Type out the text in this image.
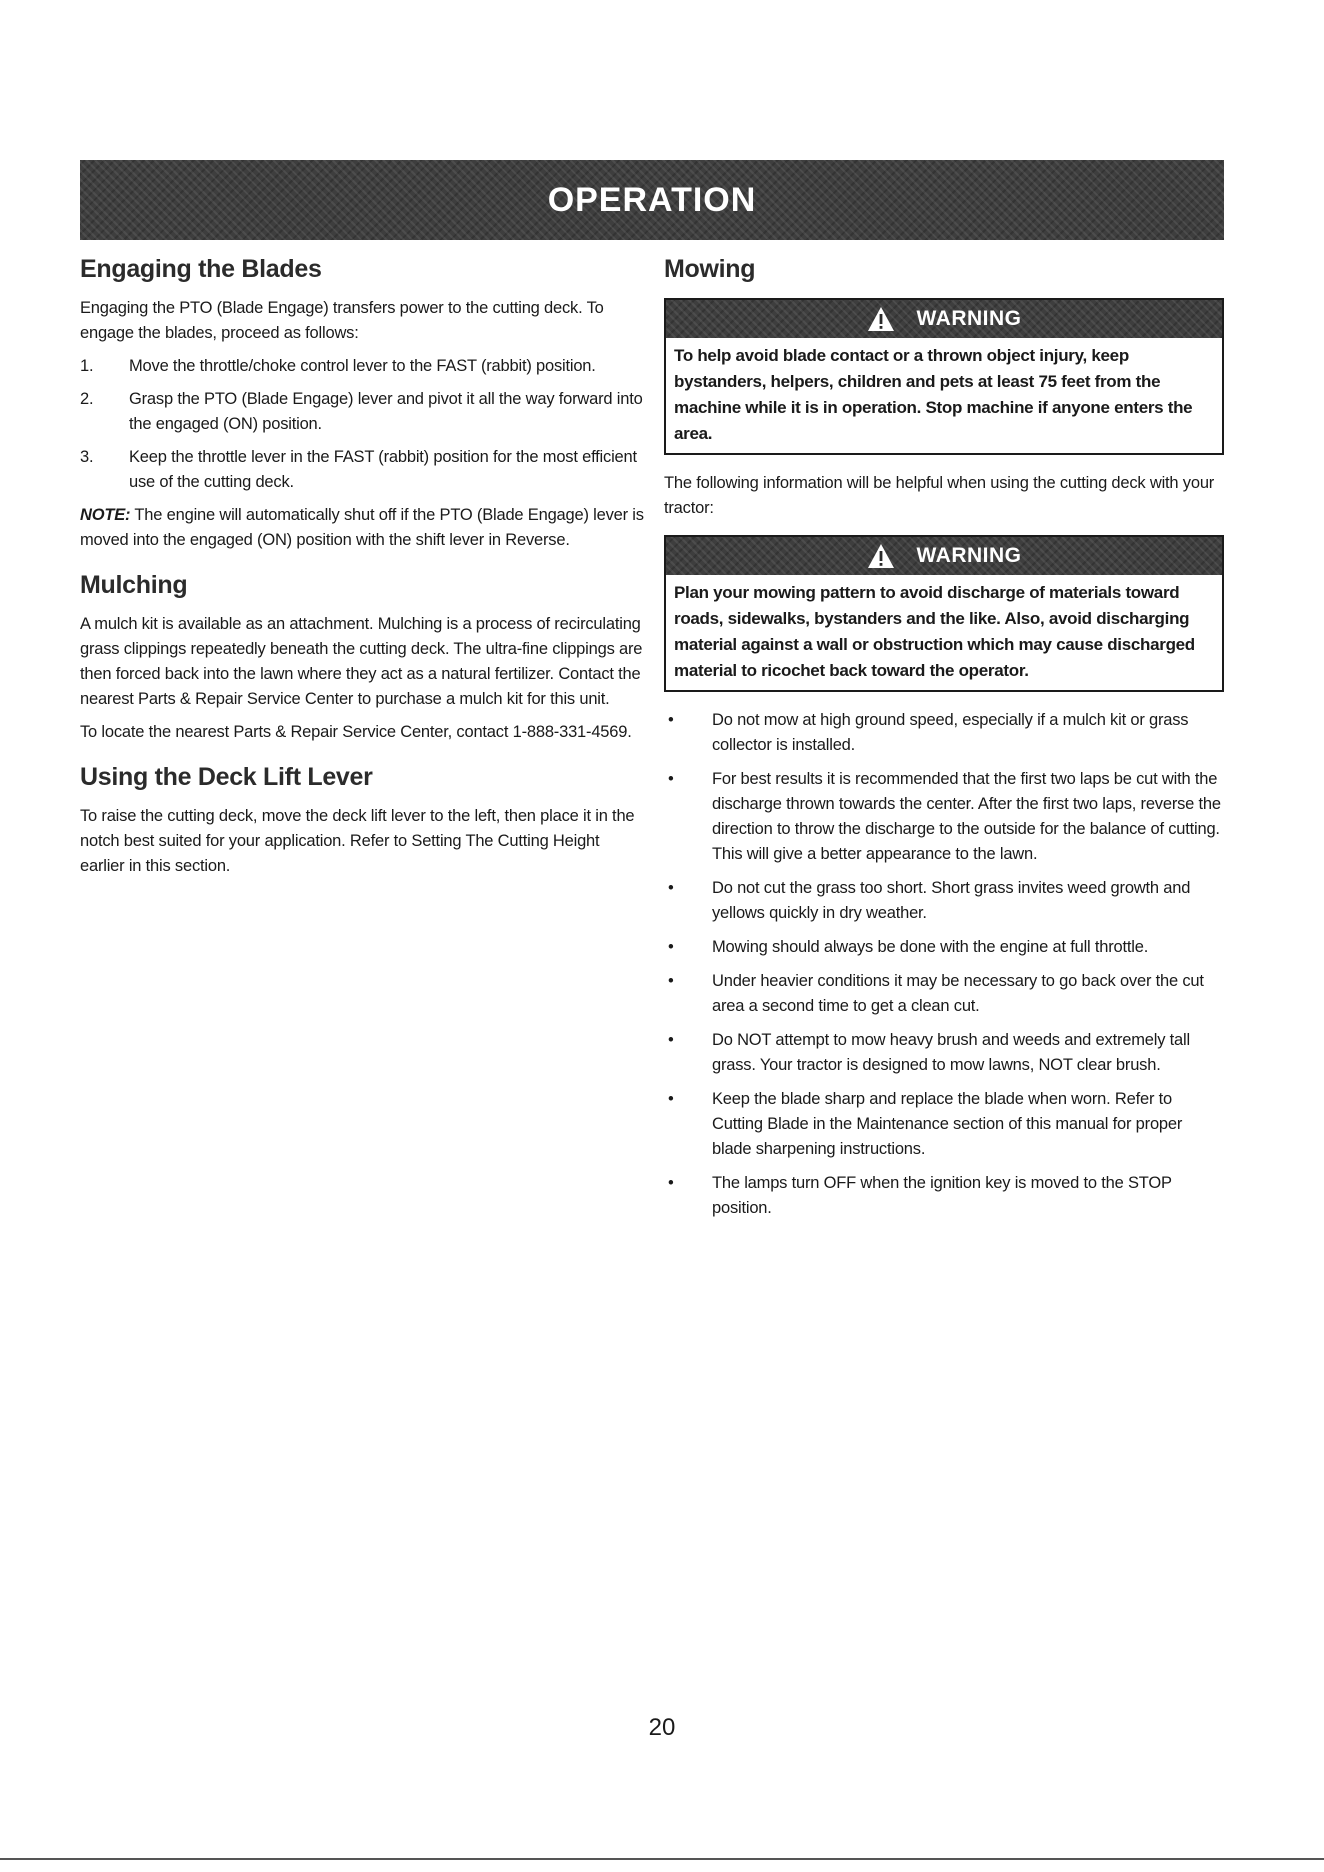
OPERATION
Engaging the Blades

Engaging the PTO (Blade Engage) transfers power to the cutting deck. To engage the blades, proceed as follows:

1. Move the throttle/choke control lever to the FAST (rabbit) position.
2. Grasp the PTO (Blade Engage) lever and pivot it all the way forward into the engaged (ON) position.
3. Keep the throttle lever in the FAST (rabbit) position for the most efficient use of the cutting deck.

NOTE: The engine will automatically shut off if the PTO (Blade Engage) lever is moved into the engaged (ON) position with the shift lever in Reverse.

Mulching

A mulch kit is available as an attachment. Mulching is a process of recirculating grass clippings repeatedly beneath the cutting deck. The ultra-fine clippings are then forced back into the lawn where they act as a natural fertilizer. Contact the nearest Parts & Repair Service Center to purchase a mulch kit for this unit.

To locate the nearest Parts & Repair Service Center, contact 1-888-331-4569.

Using the Deck Lift Lever

To raise the cutting deck, move the deck lift lever to the left, then place it in the notch best suited for your application. Refer to Setting The Cutting Height earlier in this section.

Mowing
WARNING
To help avoid blade contact or a thrown object injury, keep bystanders, helpers, children and pets at least 75 feet from the machine while it is in operation. Stop machine if anyone enters the area.

The following information will be helpful when using the cutting deck with your tractor:

WARNING
Plan your mowing pattern to avoid discharge of materials toward roads, sidewalks, bystanders and the like. Also, avoid discharging material against a wall or obstruction which may cause discharged material to ricochet back toward the operator.
• Do not mow at high ground speed, especially if a mulch kit or grass collector is installed.
• For best results it is recommended that the first two laps be cut with the discharge thrown towards the center. After the first two laps, reverse the direction to throw the discharge to the outside for the balance of cutting. This will give a better appearance to the lawn.
• Do not cut the grass too short. Short grass invites weed growth and yellows quickly in dry weather.
• Mowing should always be done with the engine at full throttle.
• Under heavier conditions it may be necessary to go back over the cut area a second time to get a clean cut.
• Do NOT attempt to mow heavy brush and weeds and extremely tall grass. Your tractor is designed to mow lawns, NOT clear brush.
• Keep the blade sharp and replace the blade when worn. Refer to Cutting Blade in the Maintenance section of this manual for proper blade sharpening instructions.
• The lamps turn OFF when the ignition key is moved to the STOP position.
20
